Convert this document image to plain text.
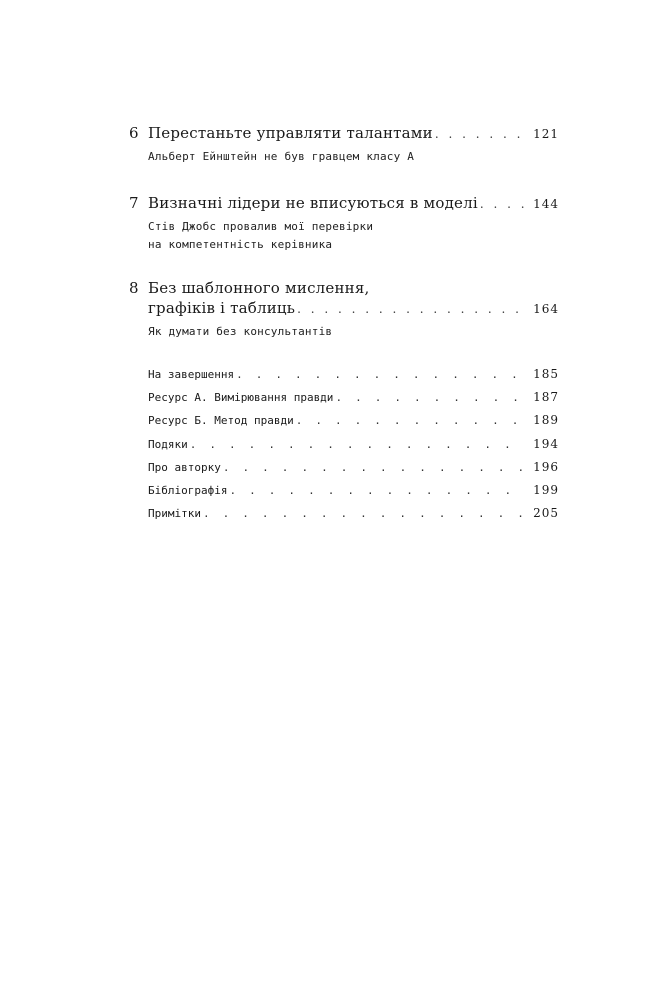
6 Перестаньте управляти талантами . . .	121
Альберт Ейнштейн не був гравцем класу А
7 Визначні лідери не вписуються в моделі . . .	144
Стів Джобс провалив мої перевірки
на компетентність керівника
8 Без шаблонного мислення,
графіків і таблиць . . .	164
Як думати без консультантів
На завершення . . .	185
Ресурс А. Вимірювання правди . . .	187
Ресурс Б. Метод правди . . .	189
Подяки . . .	194
Про авторку . . .	196
Бібліографія . . .	199
Примітки . . .	205
